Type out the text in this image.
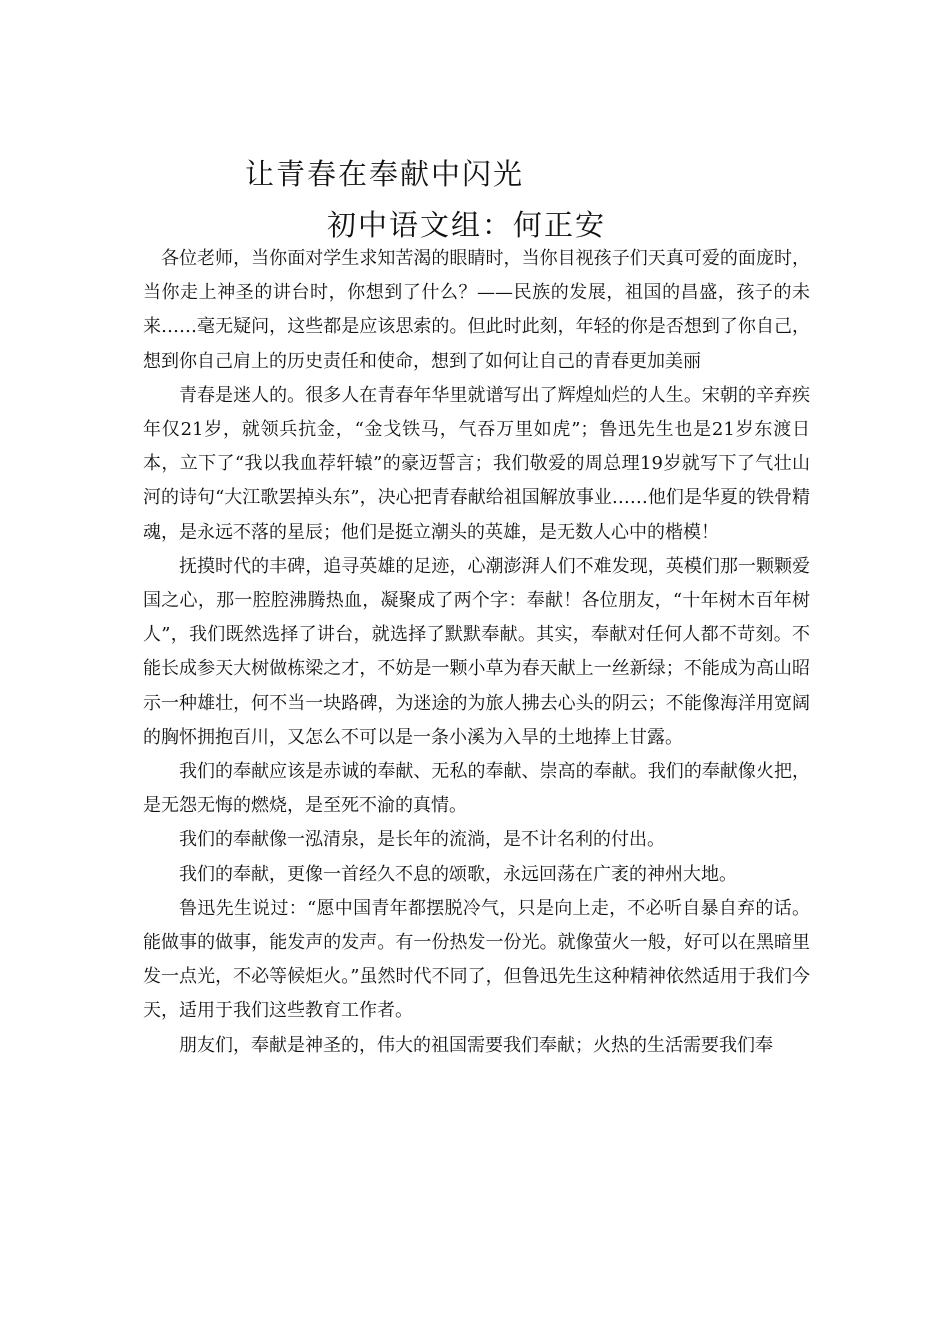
让青春在奉献中闪光
初中语文组：何正安

各位老师，当你面对学生求知苦渴的眼睛时，当你目视孩子们天真可爱的面庞时，当你走上神圣的讲台时，你想到了什么？——民族的发展，祖国的昌盛，孩子的未来……毫无疑问，这些都是应该思索的。但此时此刻，年轻的你是否想到了你自己，想到你自己肩上的历史责任和使命，想到了如何让自己的青春更加美丽

青春是迷人的。很多人在青春年华里就谱写出了辉煌灿烂的人生。宋朝的辛弃疾年仅21岁，就领兵抗金，“金戈铁马，气吞万里如虎”；鲁迅先生也是21岁东渡日本，立下了“我以我血荐轩辕”的豪迈誓言；我们敬爱的周总理19岁就写下了气壮山河的诗句“大江歌罢掉头东”，决心把青春献给祖国解放事业……他们是华夏的铁骨精魂，是永远不落的星辰；他们是挺立潮头的英雄，是无数人心中的楷模！

抚摸时代的丰碑，追寻英雄的足迹，心潮澎湃人们不难发现，英模们那一颗颗爱国之心，那一腔腔沸腾热血，凝聚成了两个字：奉献！各位朋友，“十年树木百年树人”，我们既然选择了讲台，就选择了默默奉献。其实，奉献对任何人都不苛刻。不能长成参天大树做栋梁之才，不妨是一颗小草为春天献上一丝新绿；不能成为高山昭示一种雄壮，何不当一块路碑，为迷途的为旅人拂去心头的阴云；不能像海洋用宽阔的胸怀拥抱百川，又怎么不可以是一条小溪为入旱的土地捧上甘露。

我们的奉献应该是赤诚的奉献、无私的奉献、崇高的奉献。我们的奉献像火把，是无怨无悔的燃烧，是至死不渝的真情。

我们的奉献像一泓清泉，是长年的流淌，是不计名利的付出。

我们的奉献，更像一首经久不息的颂歌，永远回荡在广袤的神州大地。

鲁迅先生说过：“愿中国青年都摆脱冷气，只是向上走，不必听自暴自弃的话。能做事的做事，能发声的发声。有一份热发一份光。就像萤火一般，好可以在黑暗里发一点光，不必等候炬火。”虽然时代不同了，但鲁迅先生这种精神依然适用于我们今天，适用于我们这些教育工作者。

朋友们，奉献是神圣的，伟大的祖国需要我们奉献；火热的生活需要我们奉
